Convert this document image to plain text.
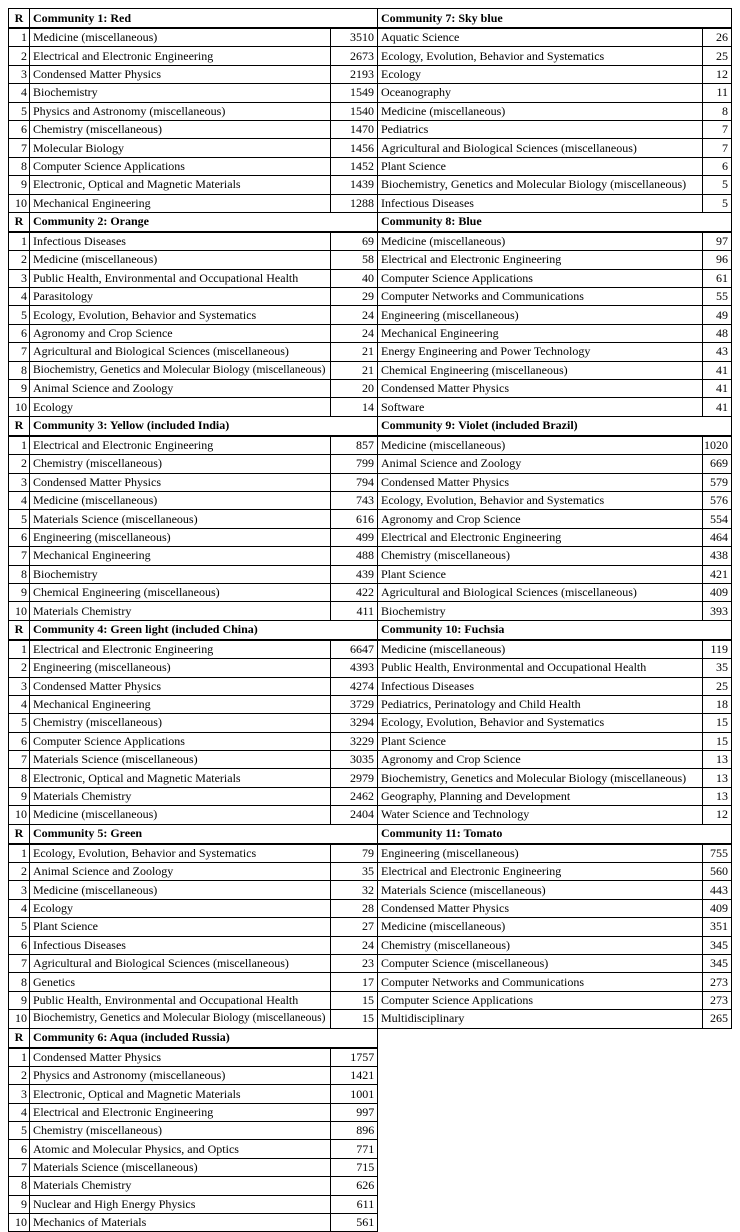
R	Community 1: Red		Community 7: Sky blue	
1	Medicine (miscellaneous)	3510	Aquatic Science	26
2	Electrical and Electronic Engineering	2673	Ecology, Evolution, Behavior and Systematics	25
3	Condensed Matter Physics	2193	Ecology	12
4	Biochemistry	1549	Oceanography	11
5	Physics and Astronomy (miscellaneous)	1540	Medicine (miscellaneous)	8
6	Chemistry (miscellaneous)	1470	Pediatrics	7
7	Molecular Biology	1456	Agricultural and Biological Sciences (miscellaneous)	7
8	Computer Science Applications	1452	Plant Science	6
9	Electronic, Optical and Magnetic Materials	1439	Biochemistry, Genetics and Molecular Biology (miscellaneous)	5
10	Mechanical Engineering	1288	Infectious Diseases	5
R	Community 2: Orange		Community 8: Blue	
1	Infectious Diseases	69	Medicine (miscellaneous)	97
2	Medicine (miscellaneous)	58	Electrical and Electronic Engineering	96
3	Public Health, Environmental and Occupational Health	40	Computer Science Applications	61
4	Parasitology	29	Computer Networks and Communications	55
5	Ecology, Evolution, Behavior and Systematics	24	Engineering (miscellaneous)	49
6	Agronomy and Crop Science	24	Mechanical Engineering	48
7	Agricultural and Biological Sciences (miscellaneous)	21	Energy Engineering and Power Technology	43
8	Biochemistry, Genetics and Molecular Biology (miscellaneous)	21	Chemical Engineering (miscellaneous)	41
9	Animal Science and Zoology	20	Condensed Matter Physics	41
10	Ecology	14	Software	41
R	Community 3: Yellow (included India)		Community 9: Violet (included Brazil)	
1	Electrical and Electronic Engineering	857	Medicine (miscellaneous)	1020
2	Chemistry (miscellaneous)	799	Animal Science and Zoology	669
3	Condensed Matter Physics	794	Condensed Matter Physics	579
4	Medicine (miscellaneous)	743	Ecology, Evolution, Behavior and Systematics	576
5	Materials Science (miscellaneous)	616	Agronomy and Crop Science	554
6	Engineering (miscellaneous)	499	Electrical and Electronic Engineering	464
7	Mechanical Engineering	488	Chemistry (miscellaneous)	438
8	Biochemistry	439	Plant Science	421
9	Chemical Engineering (miscellaneous)	422	Agricultural and Biological Sciences (miscellaneous)	409
10	Materials Chemistry	411	Biochemistry	393
R	Community 4: Green light (included China)		Community 10: Fuchsia	
1	Electrical and Electronic Engineering	6647	Medicine (miscellaneous)	119
2	Engineering (miscellaneous)	4393	Public Health, Environmental and Occupational Health	35
3	Condensed Matter Physics	4274	Infectious Diseases	25
4	Mechanical Engineering	3729	Pediatrics, Perinatology and Child Health	18
5	Chemistry (miscellaneous)	3294	Ecology, Evolution, Behavior and Systematics	15
6	Computer Science Applications	3229	Plant Science	15
7	Materials Science (miscellaneous)	3035	Agronomy and Crop Science	13
8	Electronic, Optical and Magnetic Materials	2979	Biochemistry, Genetics and Molecular Biology (miscellaneous)	13
9	Materials Chemistry	2462	Geography, Planning and Development	13
10	Medicine (miscellaneous)	2404	Water Science and Technology	12
R	Community 5: Green		Community 11: Tomato	
1	Ecology, Evolution, Behavior and Systematics	79	Engineering (miscellaneous)	755
2	Animal Science and Zoology	35	Electrical and Electronic Engineering	560
3	Medicine (miscellaneous)	32	Materials Science (miscellaneous)	443
4	Ecology	28	Condensed Matter Physics	409
5	Plant Science	27	Medicine (miscellaneous)	351
6	Infectious Diseases	24	Chemistry (miscellaneous)	345
7	Agricultural and Biological Sciences (miscellaneous)	23	Computer Science (miscellaneous)	345
8	Genetics	17	Computer Networks and Communications	273
9	Public Health, Environmental and Occupational Health	15	Computer Science Applications	273
10	Biochemistry, Genetics and Molecular Biology (miscellaneous)	15	Multidisciplinary	265
R	Community 6: Aqua (included Russia)		
1	Condensed Matter Physics	1757	
2	Physics and Astronomy (miscellaneous)	1421	
3	Electronic, Optical and Magnetic Materials	1001	
4	Electrical and Electronic Engineering	997	
5	Chemistry (miscellaneous)	896	
6	Atomic and Molecular Physics, and Optics	771	
7	Materials Science (miscellaneous)	715	
8	Materials Chemistry	626	
9	Nuclear and High Energy Physics	611	
10	Mechanics of Materials	561	
